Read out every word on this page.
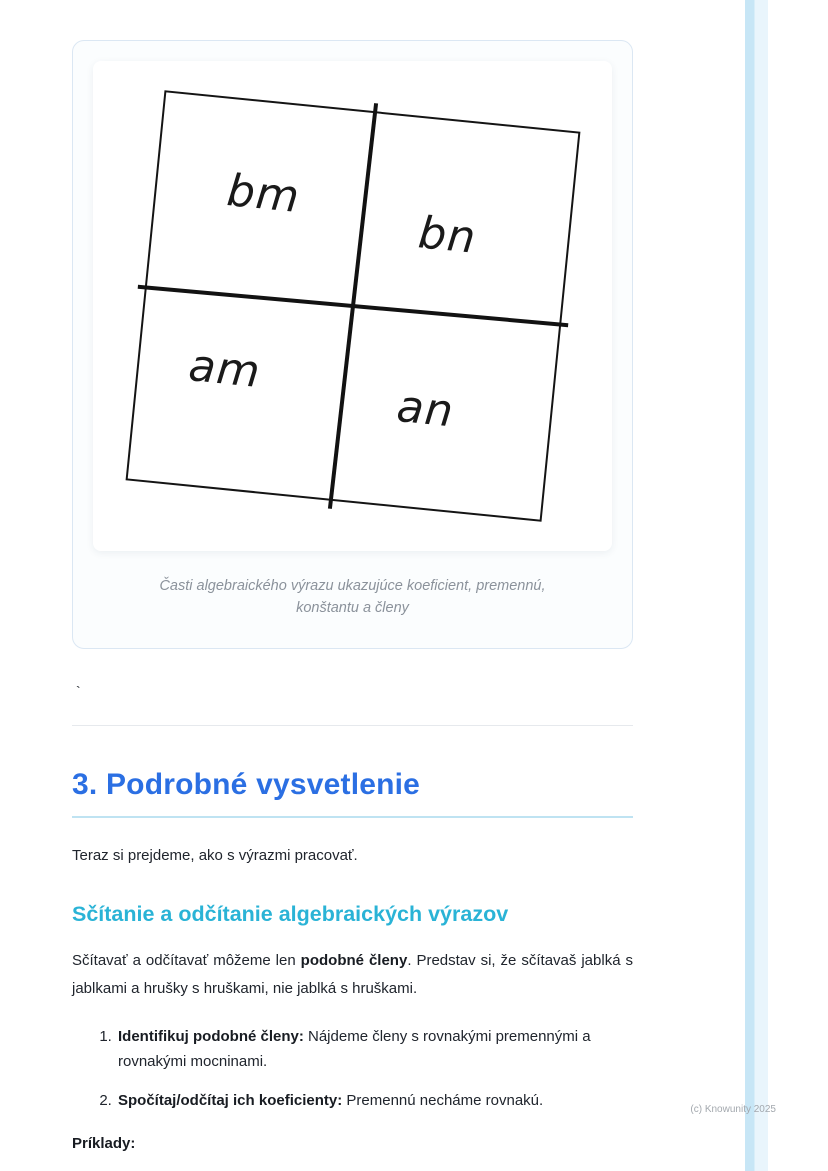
bm
bn
am
an
Časti algebraického výrazu ukazujúce koeficient, premennú, konštantu a členy
`
3. Podrobné vysvetlenie

Teraz si prejdeme, ako s výrazmi pracovať.

Sčítanie a odčítanie algebraických výrazov

Sčítavať a odčítavať môžeme len podobné členy. Predstav si, že sčítavaš jablká s jablkami a hrušky s hruškami, nie jablká s hruškami.

1. Identifikuj podobné členy: Nájdeme členy s rovnakými premennými a rovnakými mocninami.
2. Spočítaj/odčítaj ich koeficienty: Premennú necháme rovnakú.

Príklady:

(c) Knowunity 2025
